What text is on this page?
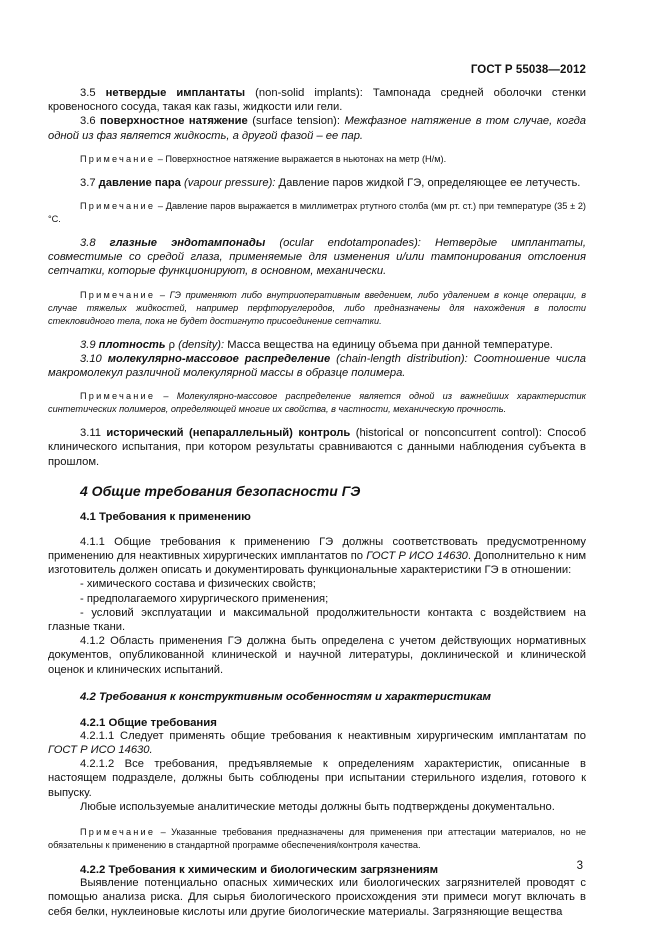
ГОСТ Р 55038—2012

3.5 нетвердые имплантаты (non-solid implants): Тампонада средней оболочки стенки кровеносного сосуда, такая как газы, жидкости или гели.

3.6 поверхностное натяжение (surface tension): Межфазное натяжение в том случае, когда одной из фаз является жидкость, а другой фазой – ее пар.

Примечание – Поверхностное натяжение выражается в ньютонах на метр (Н/м).

3.7 давление пара (vapour pressure): Давление паров жидкой ГЭ, определяющее ее летучесть.

Примечание – Давление паров выражается в миллиметрах ртутного столба (мм рт. ст.) при температуре (35 ± 2)°С.

3.8 глазные эндотампонады (ocular endotamponades): Нетвердые имплантаты, совместимые со средой глаза, применяемые для изменения и/или тампонирования отслоения сетчатки, которые функционируют, в основном, механически.

Примечание – ГЭ применяют либо внутриоперативным введением, либо удалением в конце операции, в случае тяжелых жидкостей, например перфторуглеродов, либо предназначены для нахождения в полости стекловидного тела, пока не будет достигнуто присоединение сетчатки.

3.9 плотность ρ (density): Масса вещества на единицу объема при данной температуре.

3.10 молекулярно-массовое распределение (chain-length distribution): Соотношение числа макромолекул различной молекулярной массы в образце полимера.

Примечание – Молекулярно-массовое распределение является одной из важнейших характеристик синтетических полимеров, определяющей многие их свойства, в частности, механическую прочность.

3.11 исторический (непараллельный) контроль (historical or nonconcurrent control): Способ клинического испытания, при котором результаты сравниваются с данными наблюдения субъекта в прошлом.

4 Общие требования безопасности ГЭ

4.1 Требования к применению

4.1.1 Общие требования к применению ГЭ должны соответствовать предусмотренному применению для неактивных хирургических имплантатов по ГОСТ Р ИСО 14630. Дополнительно к ним изготовитель должен описать и документировать функциональные характеристики ГЭ в отношении:

- химического состава и физических свойств;

- предполагаемого хирургического применения;

- условий эксплуатации и максимальной продолжительности контакта с воздействием на глазные ткани.

4.1.2 Область применения ГЭ должна быть определена с учетом действующих нормативных документов, опубликованной клинической и научной литературы, доклинической и клинической оценок и клинических испытаний.

4.2 Требования к конструктивным особенностям и характеристикам

4.2.1 Общие требования

4.2.1.1 Следует применять общие требования к неактивным хирургическим имплантатам по ГОСТ Р ИСО 14630.

4.2.1.2 Все требования, предъявляемые к определениям характеристик, описанные в настоящем подразделе, должны быть соблюдены при испытании стерильного изделия, готового к выпуску.

Любые используемые аналитические методы должны быть подтверждены документально.

Примечание – Указанные требования предназначены для применения при аттестации материалов, но не обязательны к применению в стандартной программе обеспечения/контроля качества.

4.2.2 Требования к химическим и биологическим загрязнениям

Выявление потенциально опасных химических или биологических загрязнителей проводят с помощью анализа риска. Для сырья биологического происхождения эти примеси могут включать в себя белки, нуклеиновые кислоты или другие биологические материалы. Загрязняющие вещества

3
